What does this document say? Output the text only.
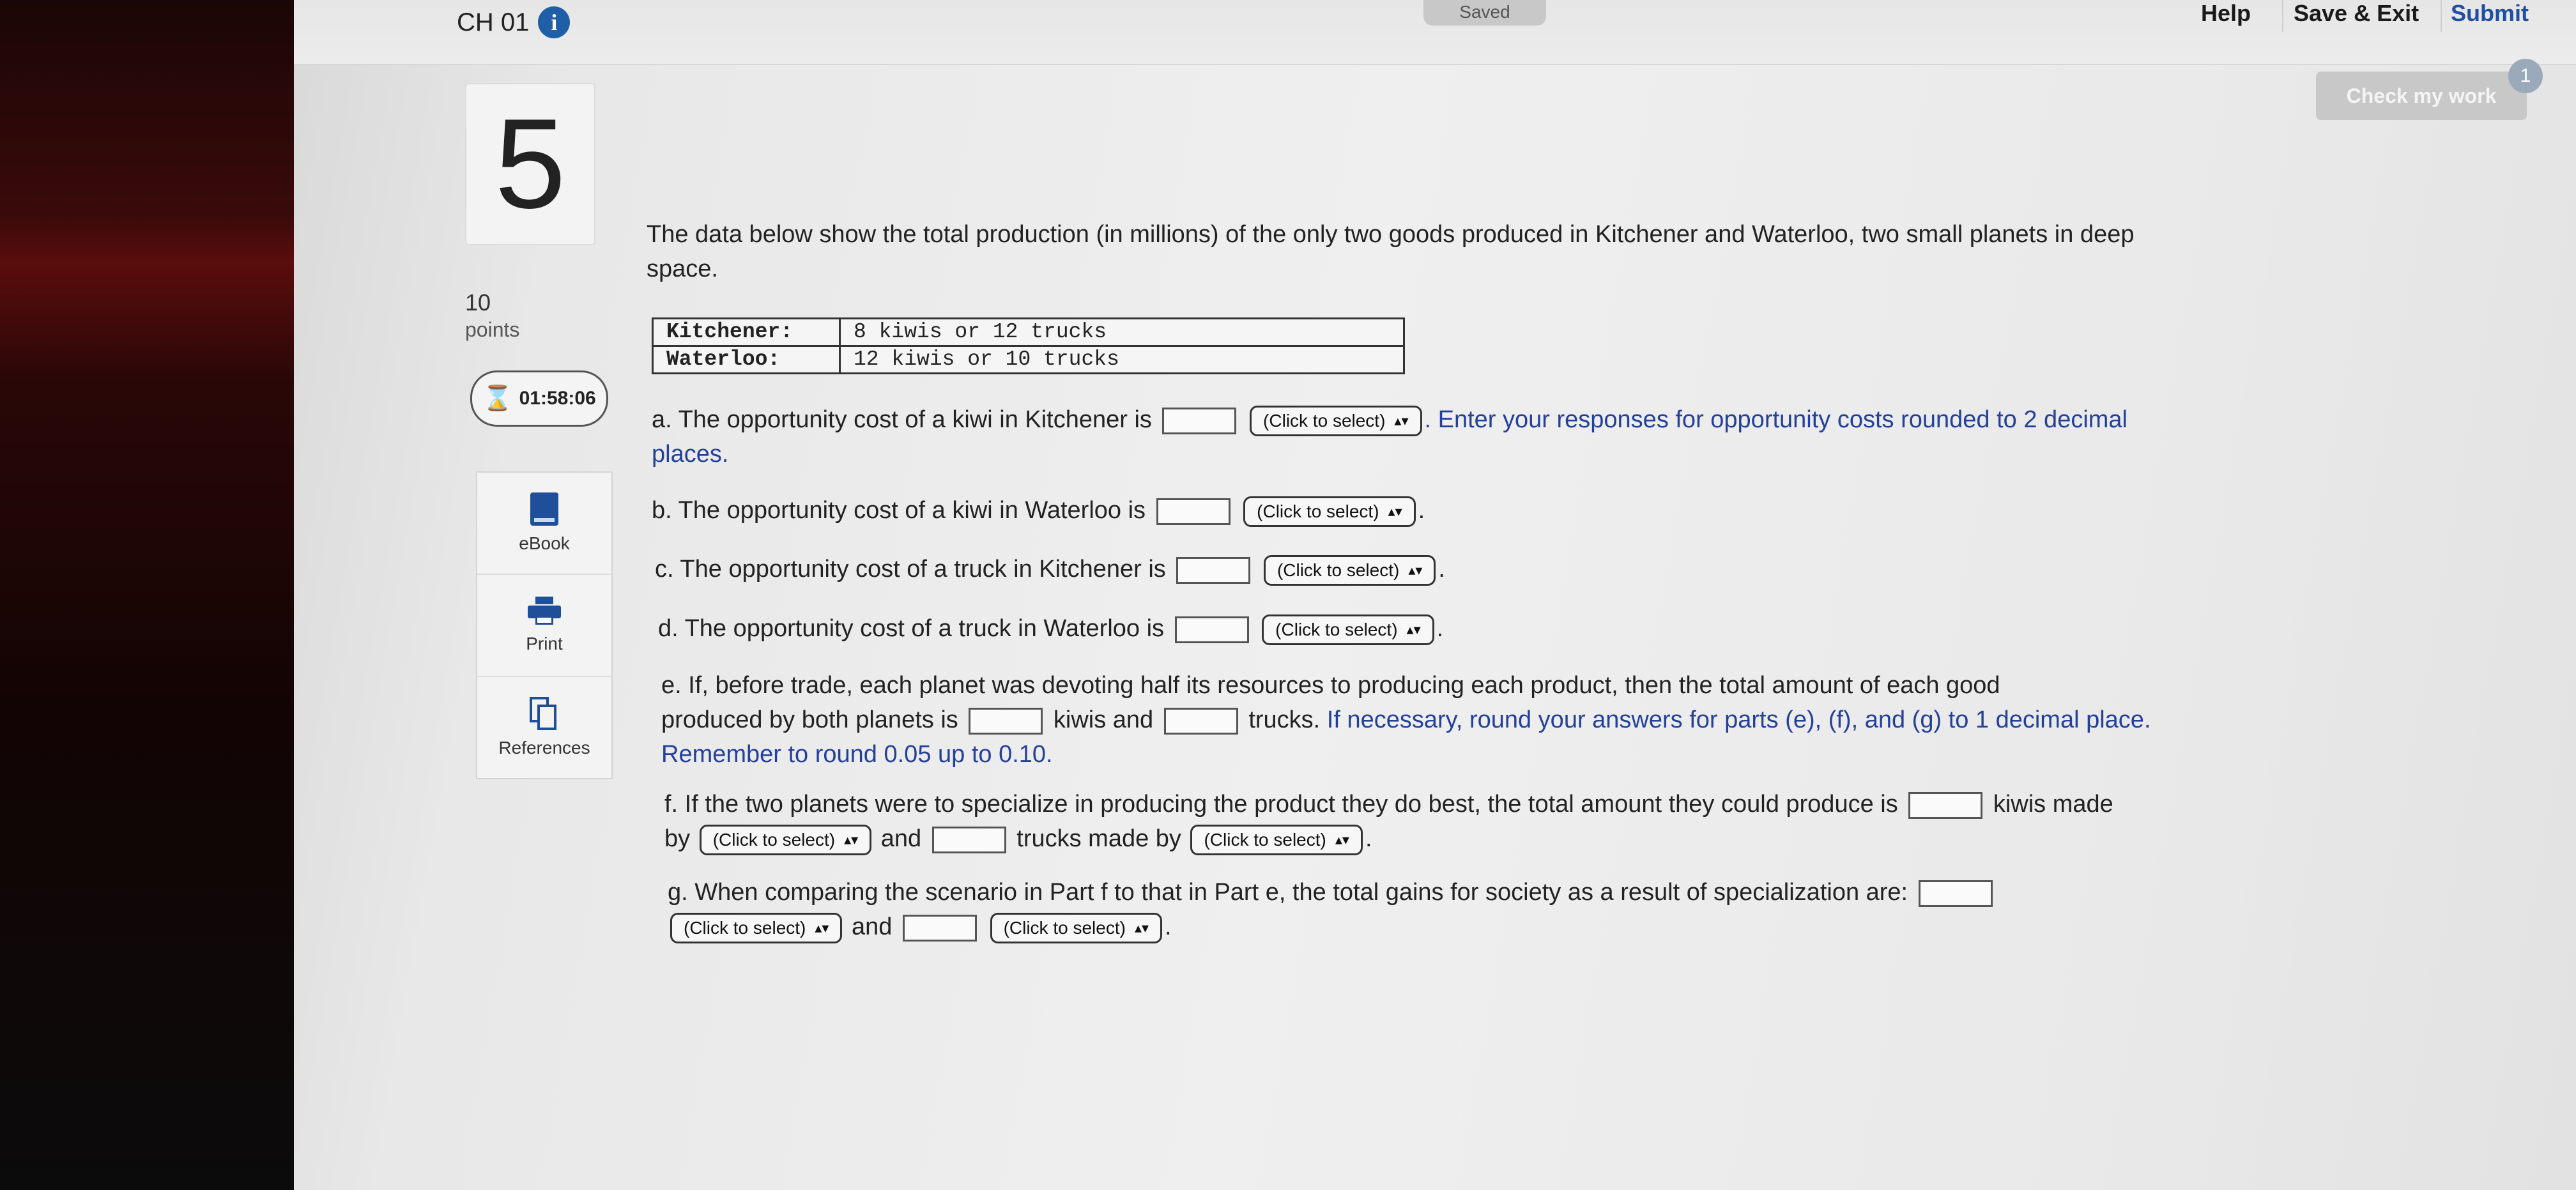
CH 01 i	Saved	Help Save & Exit Submit
Check my work
1
5
10
points
⌛ 01:58:06
eBook
Print
References
The data below show the total production (in millions) of the only two goods produced in Kitchener and Waterloo, two small planets in deep space.
Kitchener:	8 kiwis or 12 trucks
Waterloo:	12 kiwis or 10 trucks
a. The opportunity cost of a kiwi in Kitchener is	(Click to select) ▴▾ . Enter your responses for opportunity costs rounded to 2 decimal places.
b. The opportunity cost of a kiwi in Waterloo is	(Click to select) ▴▾ .
c. The opportunity cost of a truck in Kitchener is	(Click to select) ▴▾ .
d. The opportunity cost of a truck in Waterloo is	(Click to select) ▴▾ .
e. If, before trade, each planet was devoting half its resources to producing each product, then the total amount of each good
produced by both planets is	kiwis and	trucks. If necessary, round your answers for parts (e), (f), and (g) to 1 decimal place.
Remember to round 0.05 up to 0.10.
f. If the two planets were to specialize in producing the product they do best, the total amount they could produce is	kiwis made
by (Click to select) ▴▾ and	trucks made by (Click to select) ▴▾ .
g. When comparing the scenario in Part f to that in Part e, the total gains for society as a result of specialization are:
(Click to select) ▴▾ and	(Click to select) ▴▾ .
